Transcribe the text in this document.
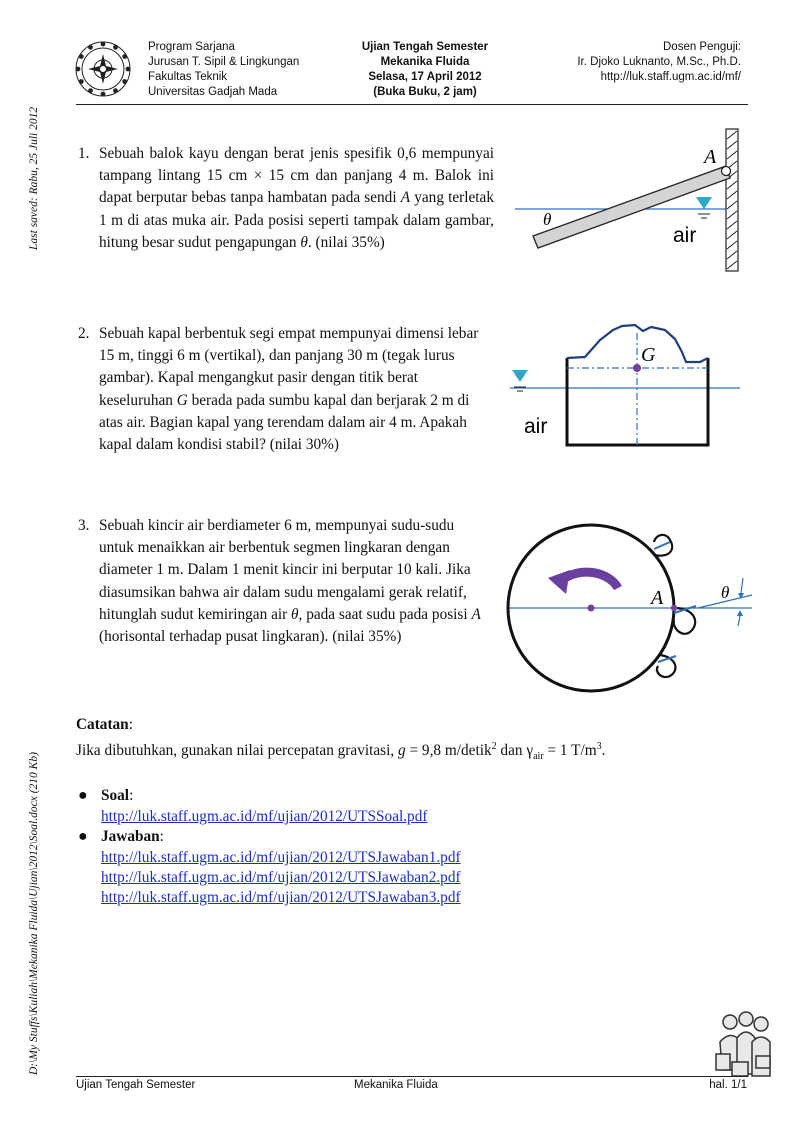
Last saved: Rabu, 25 Juli 2012
D:\My Stuffs\Kuliah\Mekanika Fluida\Ujian\2012\Soal.docx (210 Kb)
Program Sarjana
Jurusan T. Sipil & Lingkungan
Fakultas Teknik
Universitas Gadjah Mada
Ujian Tengah Semester
Mekanika Fluida
Selasa, 17 April 2012
(Buka Buku, 2 jam)
Dosen Penguji:
Ir. Djoko Luknanto, M.Sc., Ph.D.
http://luk.staff.ugm.ac.id/mf/
1. Sebuah balok kayu dengan berat jenis spesifik 0,6 mempunyai tampang lintang 15 cm × 15 cm dan panjang 4 m. Balok ini dapat berputar bebas tanpa hambatan pada sendi A yang terletak 1 m di atas muka air. Pada posisi seperti tampak dalam gambar, hitung besar sudut pengapungan θ. (nilai 35%)
A
θ
air
2. Sebuah kapal berbentuk segi empat mempunyai dimensi lebar 15 m, tinggi 6 m (vertikal), dan panjang 30 m (tegak lurus gambar). Kapal mengangkut pasir dengan titik berat keseluruhan G berada pada sumbu kapal dan berjarak 2 m di atas air. Bagian kapal yang terendam dalam air 4 m. Apakah kapal dalam kondisi stabil? (nilai 30%)
G
air
3. Sebuah kincir air berdiameter 6 m, mempunyai sudu-sudu untuk menaikkan air berbentuk segmen lingkaran dengan diameter 1 m. Dalam 1 menit kincir ini berputar 10 kali. Jika diasumsikan bahwa air dalam sudu mengalami gerak relatif, hitunglah sudut kemiringan air θ, pada saat sudu pada posisi A (horisontal terhadap pusat lingkaran). (nilai 35%)
A	θ
Catatan:
Jika dibutuhkan, gunakan nilai percepatan gravitasi, g = 9,8 m/detik$^2$ dan $\gamma_{air} = 1$ $T/m^3$.
● Soal:
http://luk.staff.ugm.ac.id/mf/ujian/2012/UTSSoal.pdf
● Jawaban:
http://luk.staff.ugm.ac.id/mf/ujian/2012/UTSJawaban1.pdf
http://luk.staff.ugm.ac.id/mf/ujian/2012/UTSJawaban2.pdf
http://luk.staff.ugm.ac.id/mf/ujian/2012/UTSJawaban3.pdf
Ujian Tengah Semester	Mekanika Fluida	hal. 1/1
